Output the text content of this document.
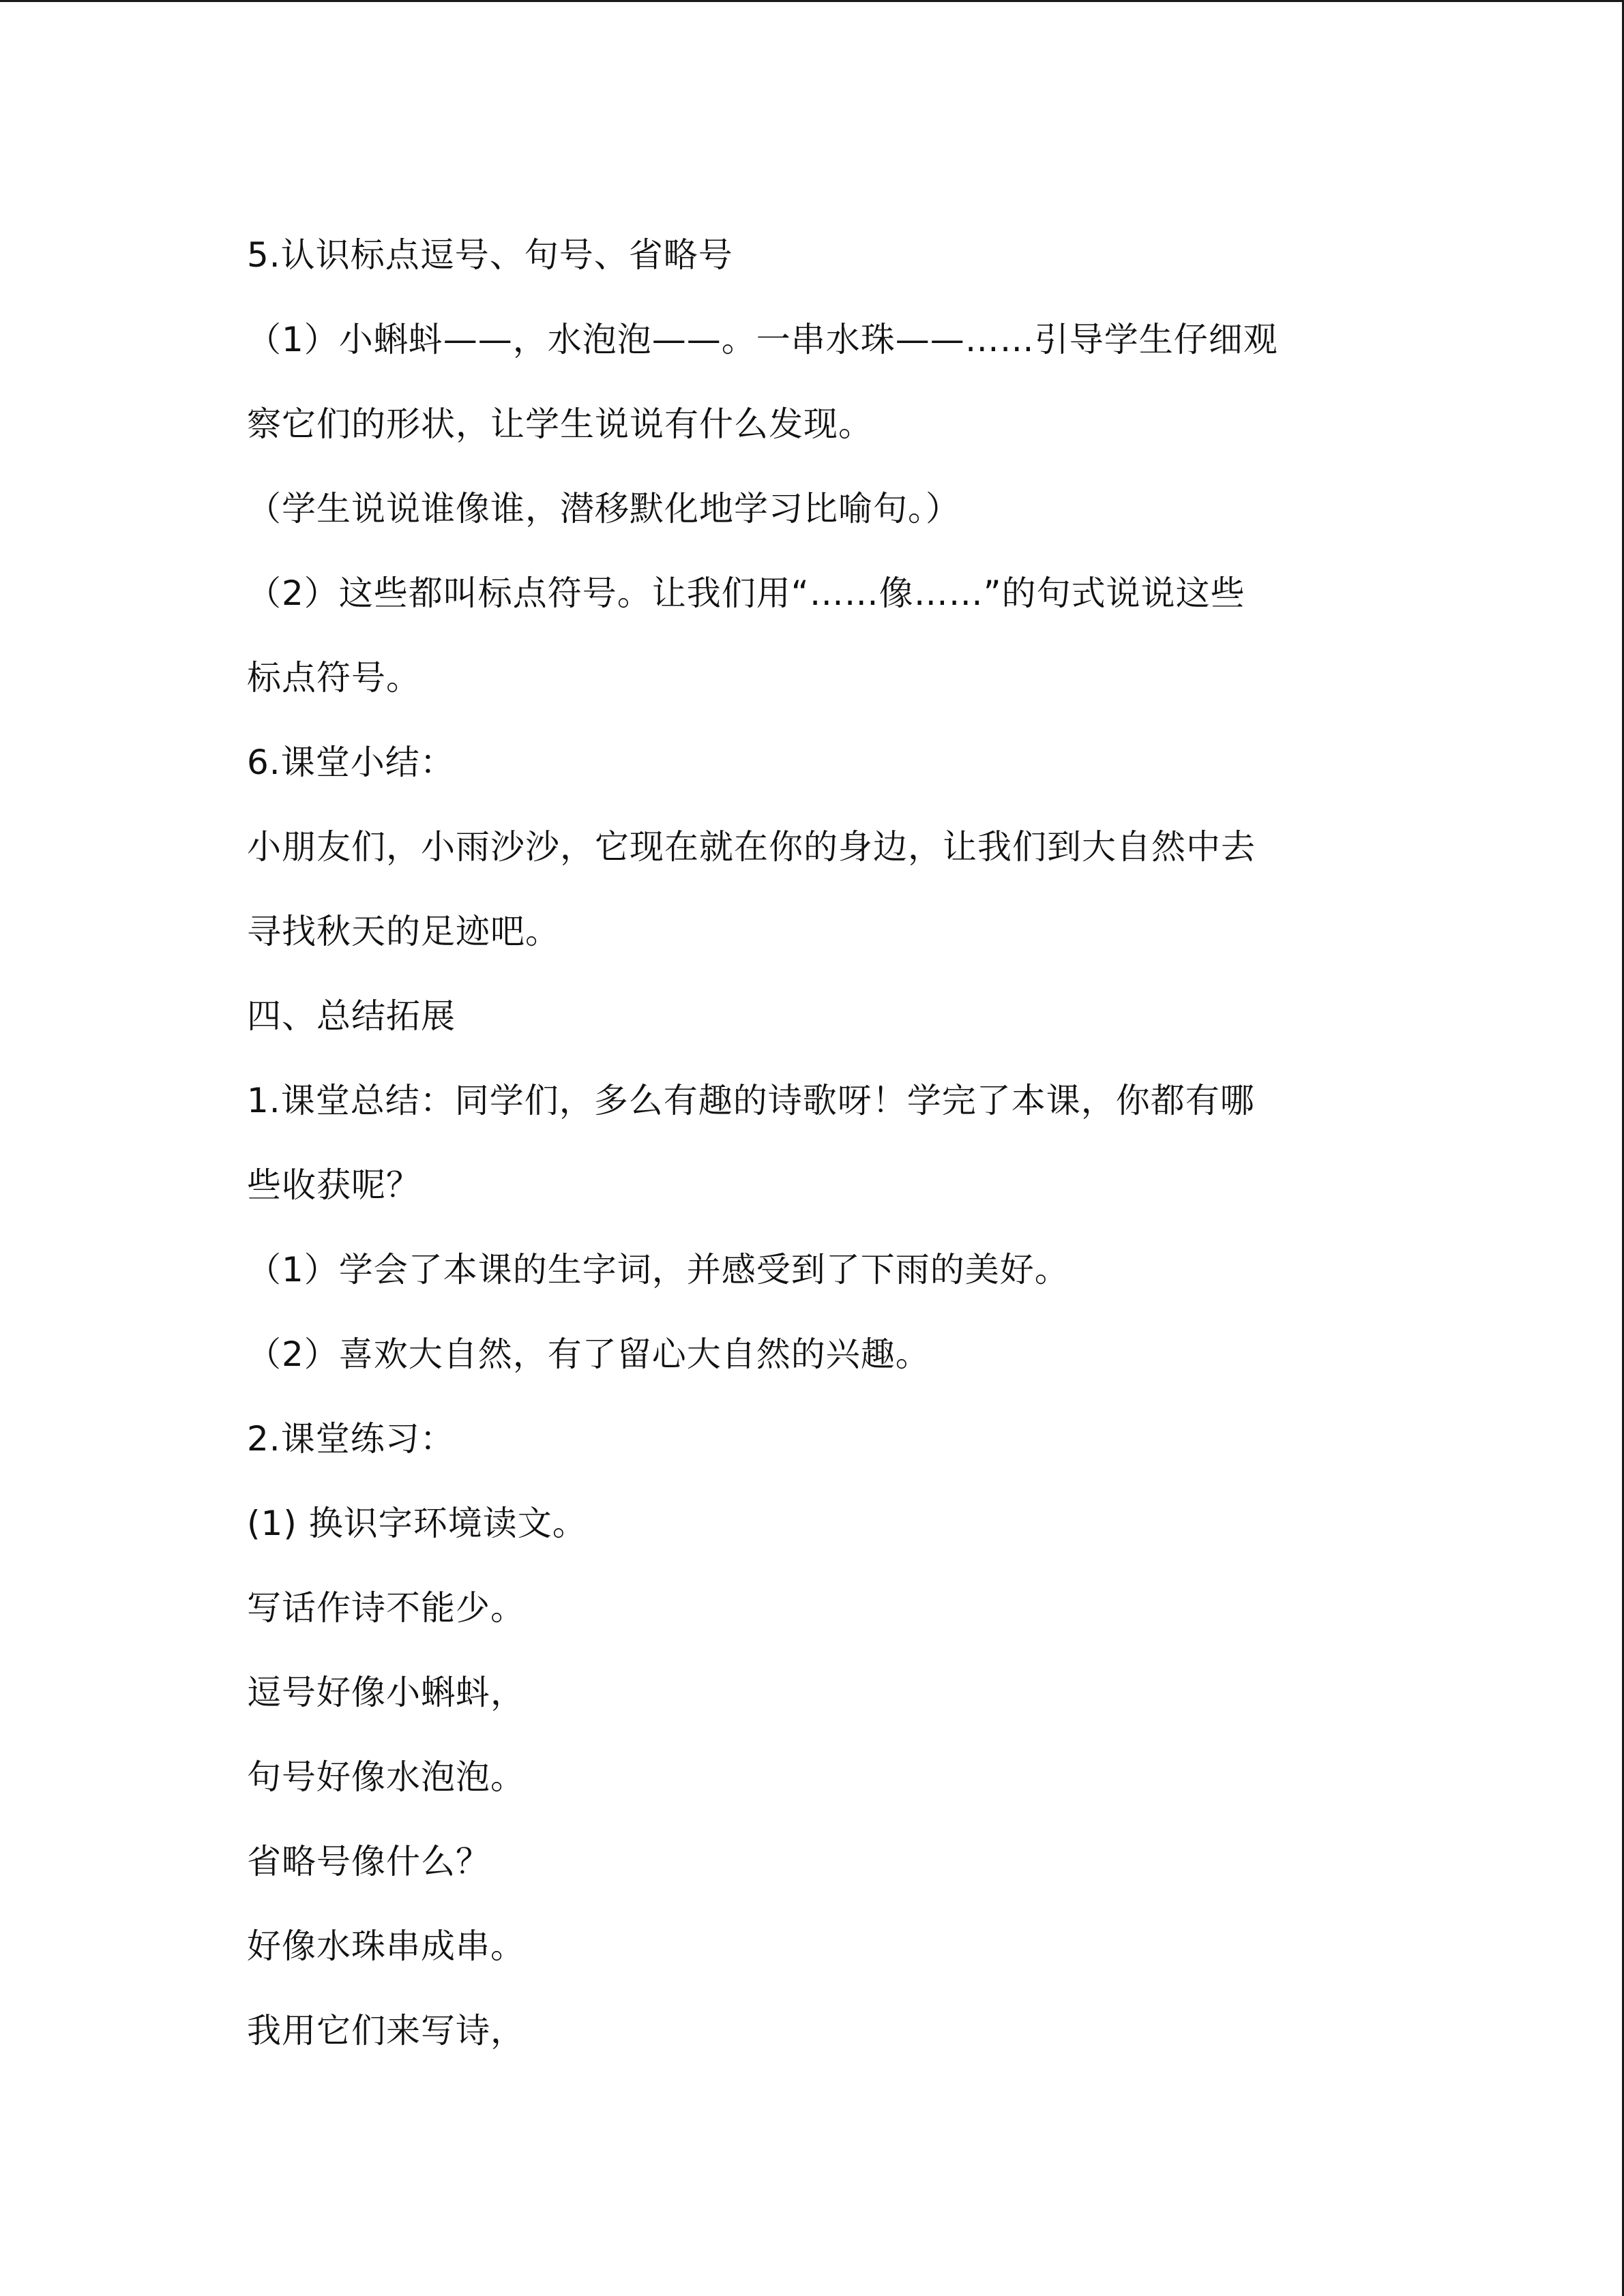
5.认识标点逗号、句号、省略号
（1）小蝌蚪——，水泡泡——。一串水珠——……引导学生仔细观
察它们的形状，让学生说说有什么发现。
（学生说说谁像谁，潜移默化地学习比喻句。）
（2）这些都叫标点符号。让我们用“……像……”的句式说说这些
标点符号。
6.课堂小结：
小朋友们，小雨沙沙，它现在就在你的身边，让我们到大自然中去
寻找秋天的足迹吧。
四、总结拓展
1.课堂总结：同学们，多么有趣的诗歌呀！学完了本课，你都有哪
些收获呢？
（1）学会了本课的生字词，并感受到了下雨的美好。
（2）喜欢大自然，有了留心大自然的兴趣。
2.课堂练习：
(1) 换识字环境读文。
写话作诗不能少。
逗号好像小蝌蚪，
句号好像水泡泡。
省略号像什么？
好像水珠串成串。
我用它们来写诗，
